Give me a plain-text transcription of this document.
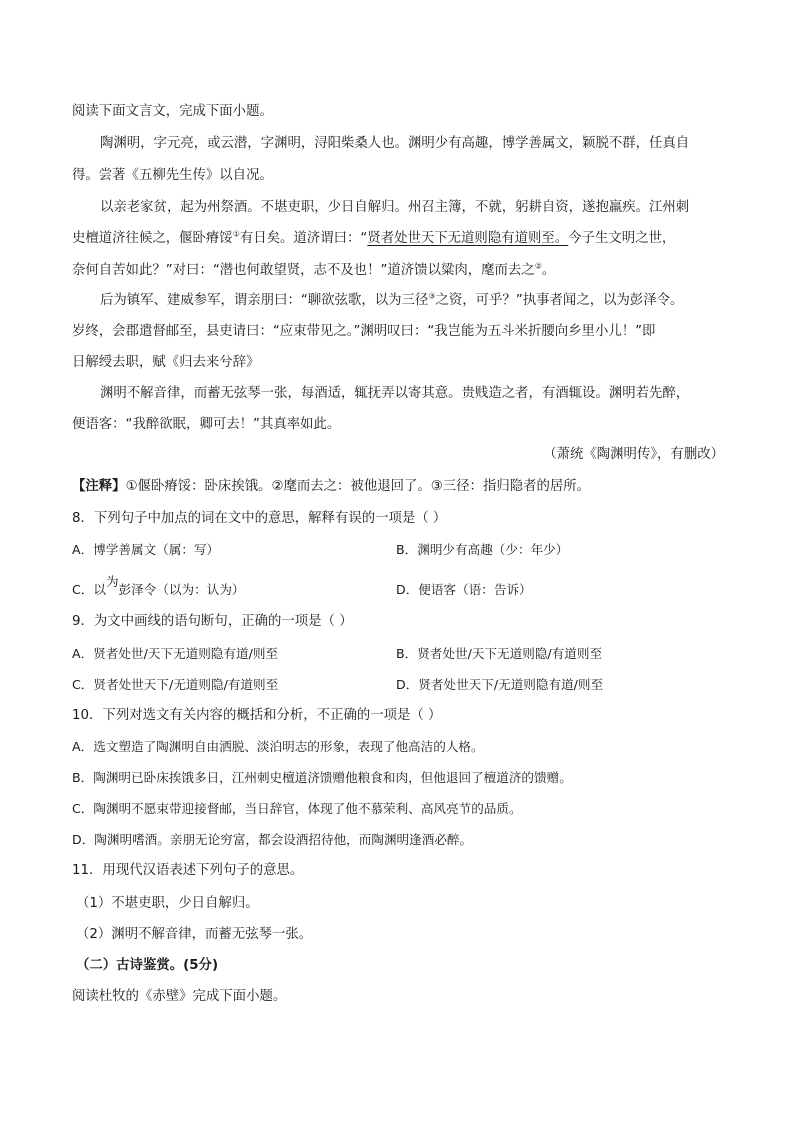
阅读下面文言文，完成下面小题。
陶渊明，字元亮，或云潜，字渊明，浔阳柴桑人也。渊明少有高趣，博学善属文，颖脱不群，任真自
得。尝著《五柳先生传》以自况。
以亲老家贫，起为州祭酒。不堪吏职，少日自解归。州召主簿，不就，躬耕自资，遂抱羸疾。江州刺
史檀道济往候之，偃卧瘠馁①有日矣。道济谓曰：“贤者处世天下无道则隐有道则至。今子生文明之世，
奈何自苦如此？”对曰：“潜也何敢望贤，志不及也！”道济馈以粱肉，麾而去之②。
后为镇军、建威参军，谓亲朋曰：“聊欲弦歌，以为三径③之资，可乎？”执事者闻之，以为彭泽令。
岁终，会郡遣督邮至，县吏请曰：“应束带见之。”渊明叹曰：“我岂能为五斗米折腰向乡里小儿！”即
日解绶去职，赋《归去来兮辞》
渊明不解音律，而蓄无弦琴一张，每酒适，辄抚弄以寄其意。贵贱造之者，有酒辄设。渊明若先醉，
便语客：“我醉欲眠，卿可去！”其真率如此。
（萧统《陶渊明传》，有删改）
【注释】①偃卧瘠馁：卧床挨饿。②麾而去之：被他退回了。③三径：指归隐者的居所。
8．下列句子中加点的词在文中的意思，解释有误的一项是（ ）
A．博学善属文（属：写）	B．渊明少有高趣（少：年少）
C．以为彭泽令（以为：认为）	D．便语客（语：告诉）
9．为文中画线的语句断句，正确的一项是（ ）
A．贤者处世/天下无道则隐有道/则至	B．贤者处世/天下无道则隐/有道则至
C．贤者处世天下/无道则隐/有道则至	D．贤者处世天下/无道则隐有道/则至
10．下列对选文有关内容的概括和分析，不正确的一项是（ ）
A．选文塑造了陶渊明自由洒脱、淡泊明志的形象，表现了他高洁的人格。
B．陶渊明已卧床挨饿多日，江州刺史檀道济馈赠他粮食和肉，但他退回了檀道济的馈赠。
C．陶渊明不愿束带迎接督邮，当日辞官，体现了他不慕荣利、高风亮节的品质。
D．陶渊明嗜酒。亲朋无论穷富，都会设酒招待他，而陶渊明逢酒必醉。
11．用现代汉语表述下列句子的意思。
（1）不堪吏职，少日自解归。
（2）渊明不解音律，而蓄无弦琴一张。
（二）古诗鉴赏。(5分)
阅读杜牧的《赤壁》完成下面小题。
